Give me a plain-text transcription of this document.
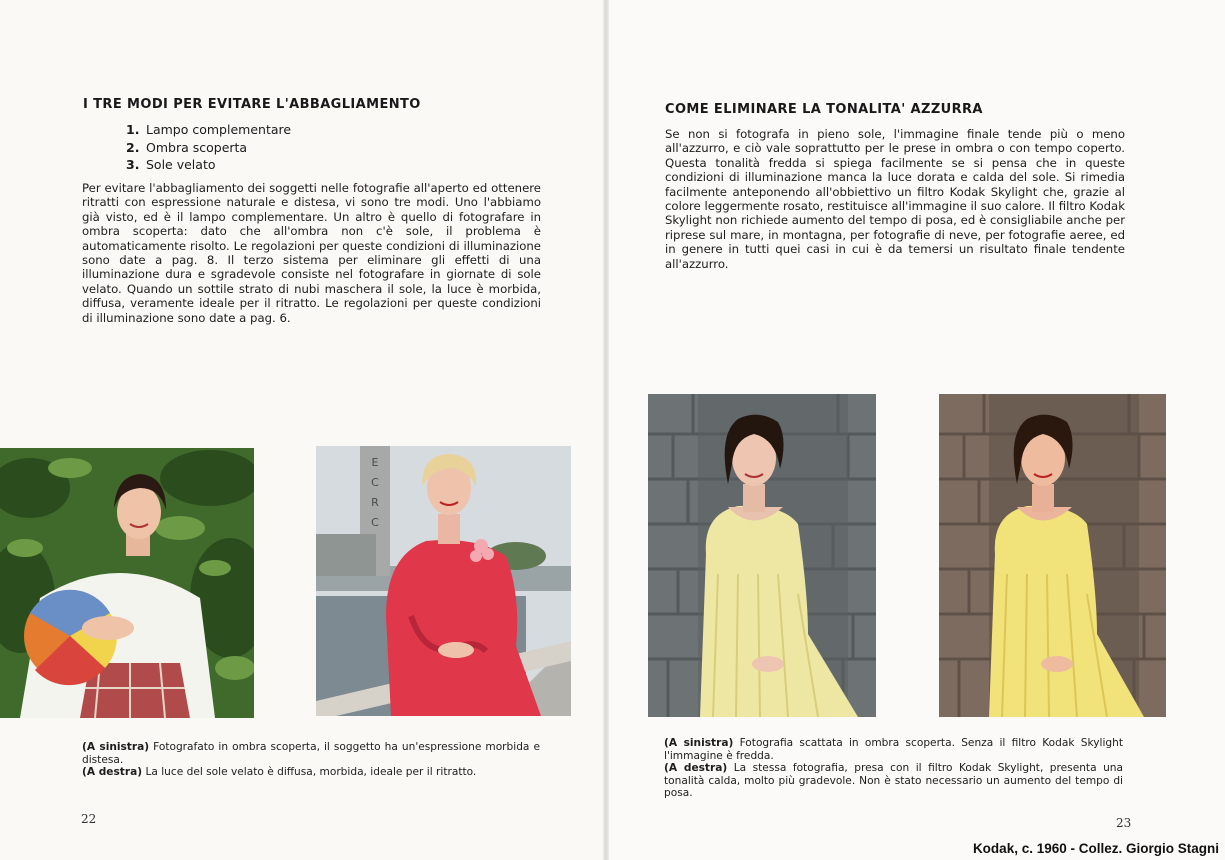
I TRE MODI PER EVITARE L'ABBAGLIAMENTO
1. Lampo complementare
2. Ombra scoperta
3. Sole velato
Per evitare l'abbagliamento dei soggetti nelle fotografie all'aperto ed ottenere ritratti con espressione naturale e distesa, vi sono tre modi. Uno l'abbiamo già visto, ed è il lampo complementare. Un altro è quello di fotografare in ombra scoperta: dato che all'ombra non c'è sole, il problema è automaticamente risolto. Le regolazioni per queste condizioni di illuminazione sono date a pag. 8. Il terzo sistema per eliminare gli effetti di una illuminazione dura e sgradevole consiste nel fotografare in giornate di sole velato. Quando un sottile strato di nubi maschera il sole, la luce è morbida, diffusa, veramente ideale per il ritratto. Le regolazioni per queste condizioni di illuminazione sono date a pag. 6.
E
C
R
C

(A sinistra) Fotografato in ombra scoperta, il soggetto ha un'espressione morbida e distesa.

(A destra) La luce del sole velato è diffusa, morbida, ideale per il ritratto.

22
COME ELIMINARE LA TONALITA' AZZURRA
Se non si fotografa in pieno sole, l'immagine finale tende più o meno all'azzurro, e ciò vale soprattutto per le prese in ombra o con tempo coperto. Questa tonalità fredda si spiega facilmente se si pensa che in queste condizioni di illuminazione manca la luce dorata e calda del sole. Si rimedia facilmente anteponendo all'obbiettivo un filtro Kodak Skylight che, grazie al colore leggermente rosato, restituisce all'immagine il suo calore. Il filtro Kodak Skylight non richiede aumento del tempo di posa, ed è consigliabile anche per riprese sul mare, in montagna, per fotografie di neve, per fotografie aeree, ed in genere in tutti quei casi in cui è da temersi un risultato finale tendente all'azzurro.

(A sinistra) Fotografia scattata in ombra scoperta. Senza il filtro Kodak Skylight l'immagine è fredda.

(A destra) La stessa fotografia, presa con il filtro Kodak Skylight, presenta una tonalità calda, molto più gradevole. Non è stato necessario un aumento del tempo di posa.

23
Kodak, c. 1960 - Collez. Giorgio Stagni
